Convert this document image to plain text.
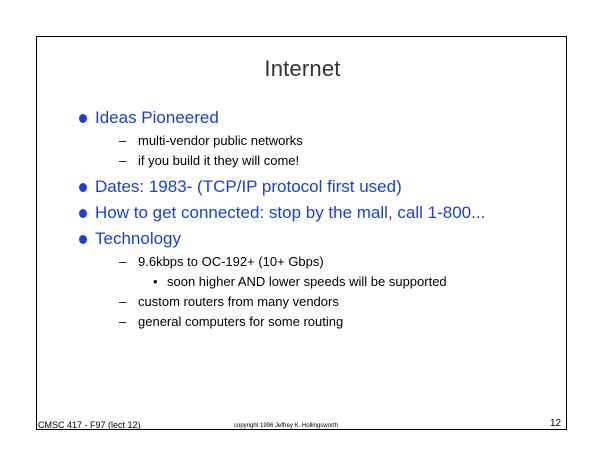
Internet
Ideas Pioneered
– multi-vendor public networks
– if you build it they will come!
Dates: 1983- (TCP/IP protocol first used)
How to get connected: stop by the mall, call 1-800...
Technology
– 9.6kbps to OC-192+ (10+ Gbps)
• soon higher AND lower speeds will be supported
– custom routers from many vendors
– general computers for some routing
CMSC 417 - F97 (lect 12)	copyright 1996 Jeffrey K. Hollingsworth	12
